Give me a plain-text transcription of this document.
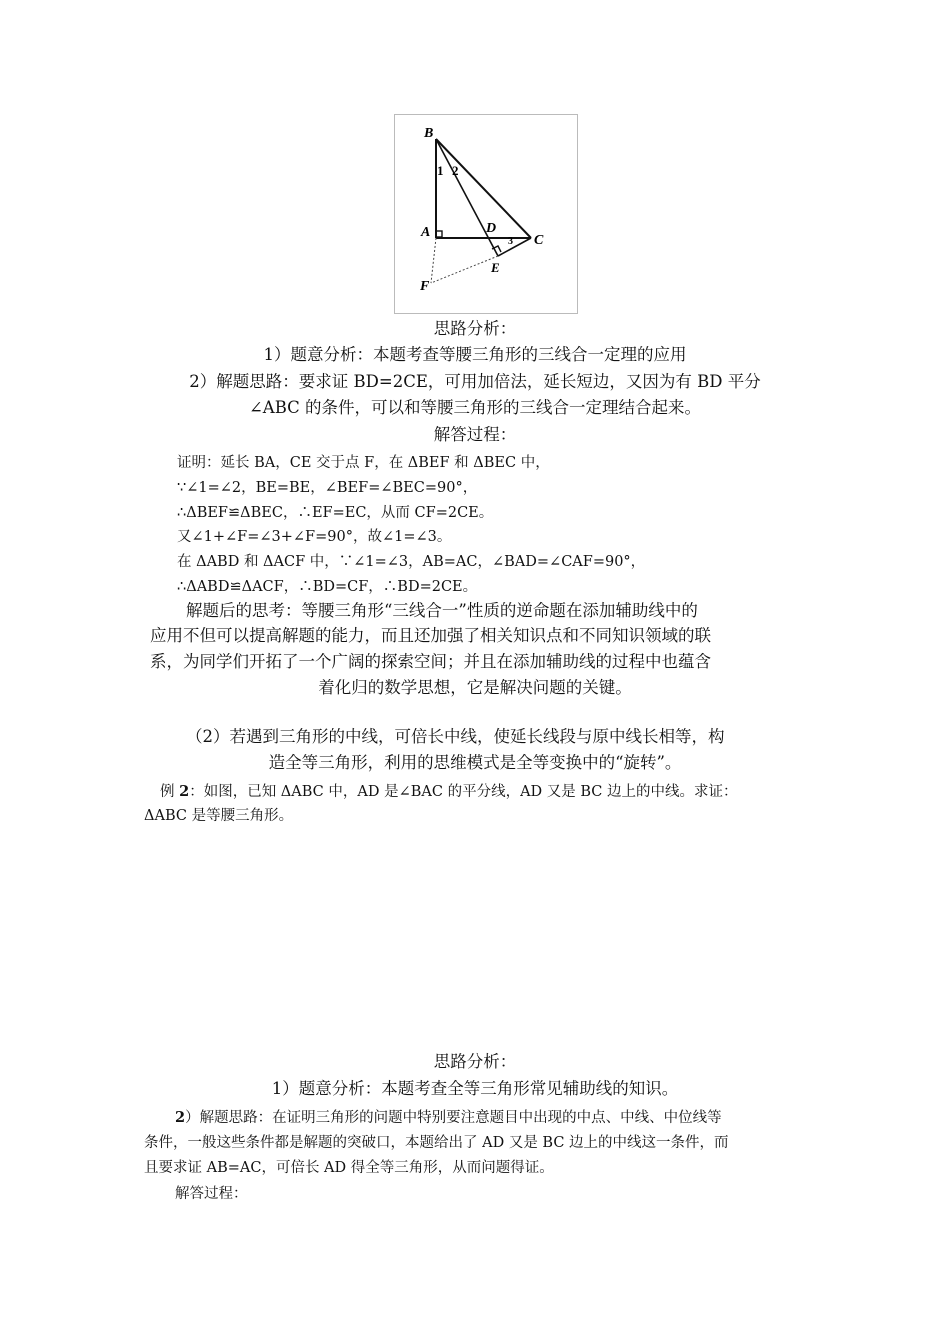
B
A	D
C
E
F
1 2
3
思路分析：
1）题意分析：本题考查等腰三角形的三线合一定理的应用
2）解题思路：要求证 BD=2CE，可用加倍法，延长短边，又因为有 BD 平分
∠ABC 的条件，可以和等腰三角形的三线合一定理结合起来。
解答过程：
证明：延长 BA，CE 交于点 F，在 ΔBEF 和 ΔBEC 中，
∵∠1=∠2，BE=BE，∠BEF=∠BEC=90°，
∴ΔBEF≌ΔBEC，∴EF=EC，从而 CF=2CE。
又∠1+∠F=∠3+∠F=90°，故∠1=∠3。
在 ΔABD 和 ΔACF 中，∵∠1=∠3，AB=AC，∠BAD=∠CAF=90°，
∴ΔABD≌ΔACF，∴BD=CF，∴BD=2CE。
解题后的思考：等腰三角形“三线合一”性质的逆命题在添加辅助线中的
应用不但可以提高解题的能力，而且还加强了相关知识点和不同知识领域的联
系，为同学们开拓了一个广阔的探索空间；并且在添加辅助线的过程中也蕴含
着化归的数学思想，它是解决问题的关键。
（2）若遇到三角形的中线，可倍长中线，使延长线段与原中线长相等，构
造全等三角形，利用的思维模式是全等变换中的“旋转”。
例 2：如图，已知 ΔABC 中，AD 是∠BAC 的平分线，AD 又是 BC 边上的中线。求证：
ΔABC 是等腰三角形。
思路分析：
1）题意分析：本题考查全等三角形常见辅助线的知识。
2）解题思路：在证明三角形的问题中特别要注意题目中出现的中点、中线、中位线等
条件，一般这些条件都是解题的突破口，本题给出了 AD 又是 BC 边上的中线这一条件，而
且要求证 AB=AC，可倍长 AD 得全等三角形，从而问题得证。
解答过程：
